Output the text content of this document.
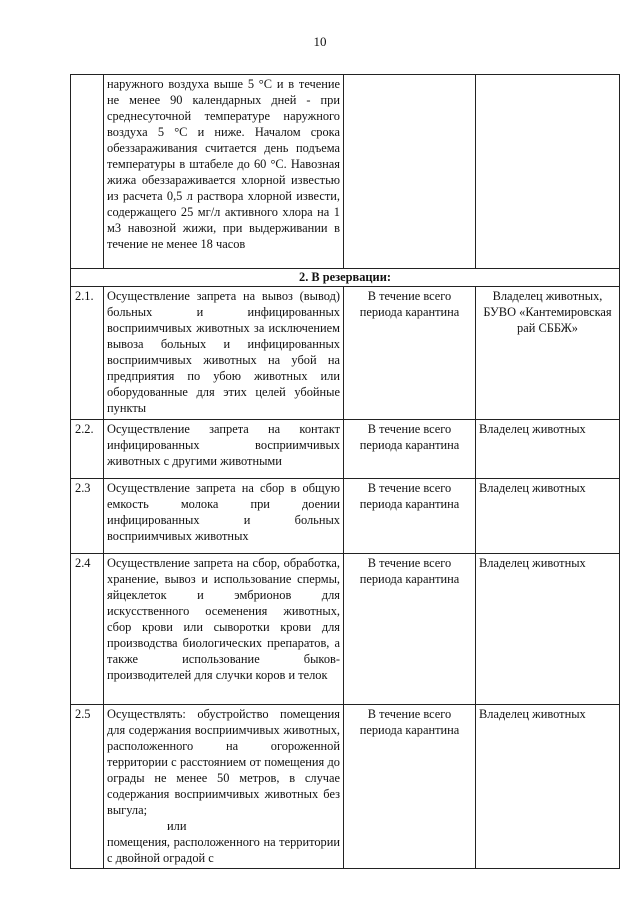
10
	наружного воздуха выше 5 °С и в течение не менее 90 календарных дней - при среднесуточной температуре наружного воздуха 5 °С и ниже. Началом срока обеззараживания считается день подъема температуры в штабеле до 60 °С. Навозная жижа обеззараживается хлорной известью из расчета 0,5 л раствора хлорной извести, содержащего 25 мг/л активного хлора на 1 м3 навозной жижи, при выдерживании в течение не менее 18 часов		
2. В резервации:			
2.1.	Осуществление запрета на вывоз (вывод) больных и инфицированных восприимчивых животных за исключением вывоза больных и инфицированных восприимчивых животных на убой на предприятия по убою животных или оборудованные для этих целей убойные пункты	В течение всего периода карантина	Владелец животных, БУВО «Кантемировская рай СББЖ»
2.2.	Осуществление запрета на контакт инфицированных восприимчивых животных с другими животными	В течение всего периода карантина	Владелец животных
2.3	Осуществление запрета на сбор в общую емкость молока при доении инфицированных и больных восприимчивых животных	В течение всего периода карантина	Владелец животных
2.4	Осуществление запрета на сбор, обработка, хранение, вывоз и использование спермы, яйцеклеток и эмбрионов для искусственного осеменения животных, сбор крови или сыворотки крови для производства биологических препаратов, а также использование быков-производителей для случки коров и телок	В течение всего периода карантина	Владелец животных
2.5	Осуществлять: обустройство помещения для содержания восприимчивых животных, расположенного на огороженной территории с расстоянием от помещения до ограды не менее 50 метров, в случае содержания восприимчивых животных без выгула;
или
помещения, расположенного на территории с двойной оградой с	В течение всего периода карантина	Владелец животных
